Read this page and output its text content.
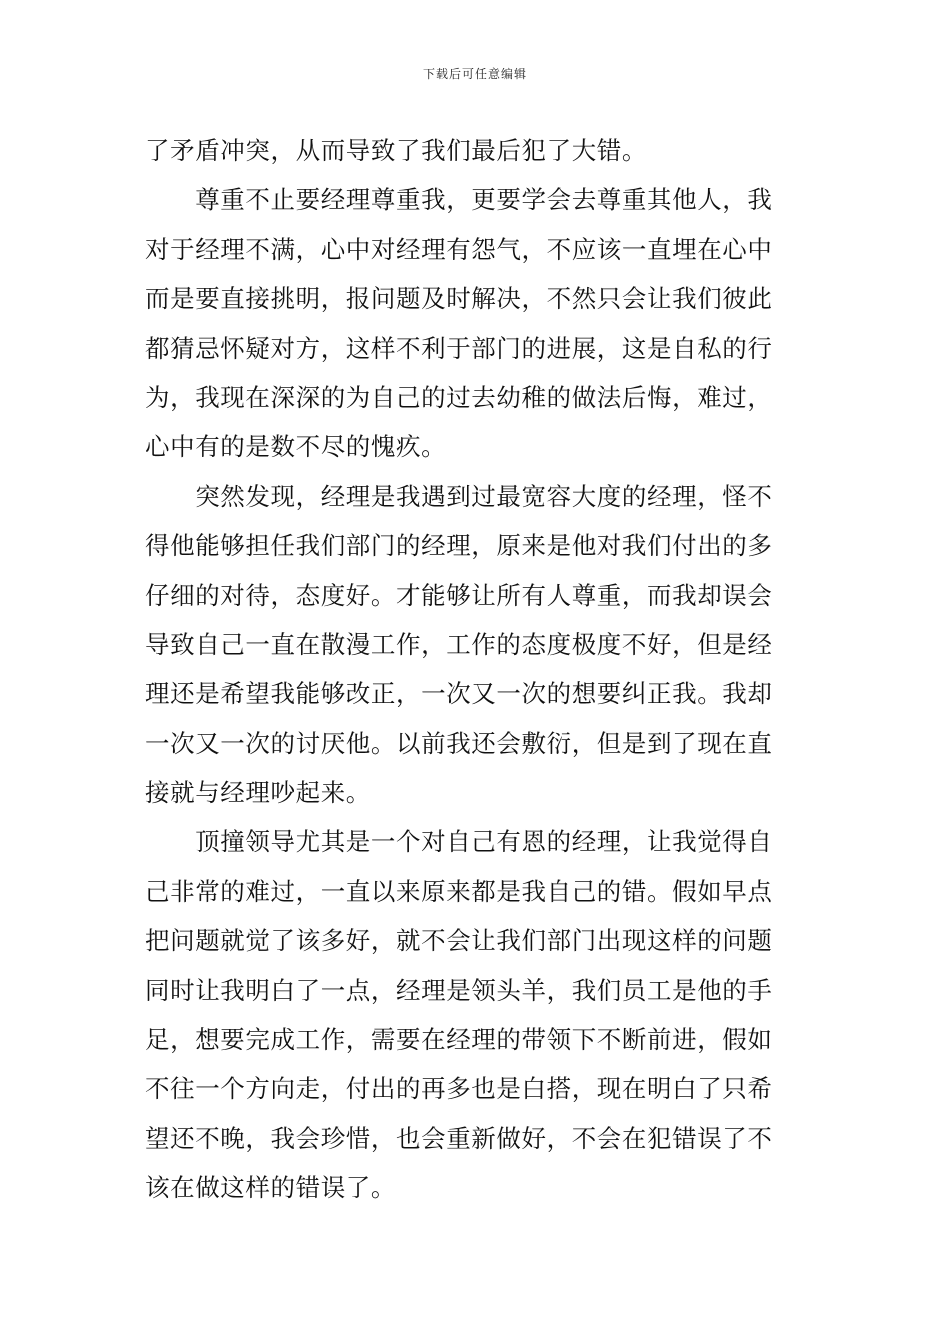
下载后可任意编辑
了矛盾冲突，从而导致了我们最后犯了大错。
　　尊重不止要经理尊重我，更要学会去尊重其他人，我
对于经理不满，心中对经理有怨气，不应该一直埋在心中
而是要直接挑明，报问题及时解决，不然只会让我们彼此
都猜忌怀疑对方，这样不利于部门的进展，这是自私的行
为，我现在深深的为自己的过去幼稚的做法后悔，难过，
心中有的是数不尽的愧疚。
　　突然发现，经理是我遇到过最宽容大度的经理，怪不
得他能够担任我们部门的经理，原来是他对我们付出的多
仔细的对待，态度好。才能够让所有人尊重，而我却误会
导致自己一直在散漫工作，工作的态度极度不好，但是经
理还是希望我能够改正，一次又一次的想要纠正我。我却
一次又一次的讨厌他。以前我还会敷衍，但是到了现在直
接就与经理吵起来。
　　顶撞领导尤其是一个对自己有恩的经理，让我觉得自
己非常的难过，一直以来原来都是我自己的错。假如早点
把问题就觉了该多好，就不会让我们部门出现这样的问题
同时让我明白了一点，经理是领头羊，我们员工是他的手
足，想要完成工作，需要在经理的带领下不断前进，假如
不往一个方向走，付出的再多也是白搭，现在明白了只希
望还不晚，我会珍惜，也会重新做好，不会在犯错误了不
该在做这样的错误了。
